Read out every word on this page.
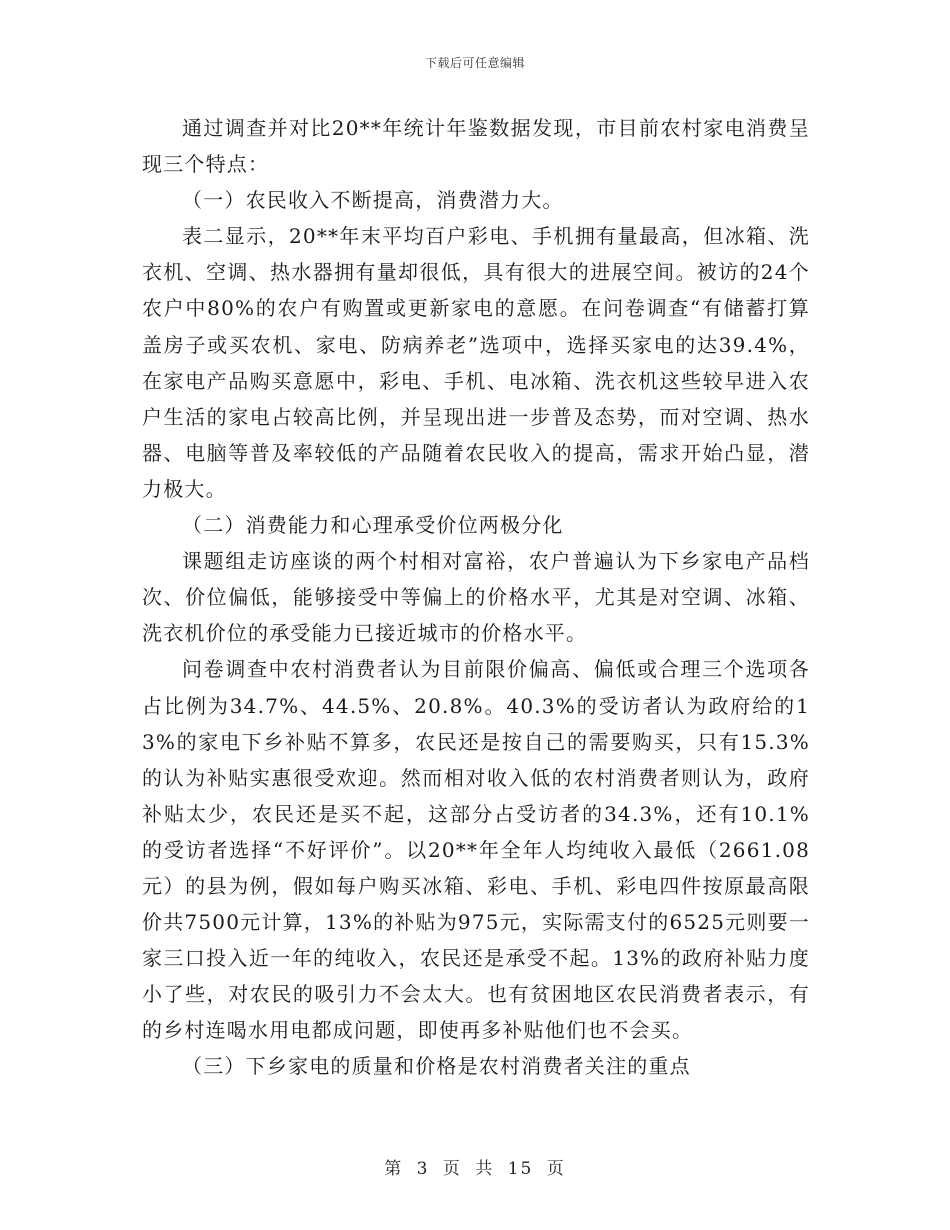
下载后可任意编辑

通过调查并对比20**年统计年鉴数据发现，市目前农村家电消费呈现三个特点：

（一）农民收入不断提高，消费潜力大。

表二显示，20**年末平均百户彩电、手机拥有量最高，但冰箱、洗衣机、空调、热水器拥有量却很低，具有很大的进展空间。被访的24个农户中80%的农户有购置或更新家电的意愿。在问卷调查“有储蓄打算盖房子或买农机、家电、防病养老”选项中，选择买家电的达39.4%，在家电产品购买意愿中，彩电、手机、电冰箱、洗衣机这些较早进入农户生活的家电占较高比例，并呈现出进一步普及态势，而对空调、热水器、电脑等普及率较低的产品随着农民收入的提高，需求开始凸显，潜力极大。

（二）消费能力和心理承受价位两极分化

课题组走访座谈的两个村相对富裕，农户普遍认为下乡家电产品档次、价位偏低，能够接受中等偏上的价格水平，尤其是对空调、冰箱、洗衣机价位的承受能力已接近城市的价格水平。

问卷调查中农村消费者认为目前限价偏高、偏低或合理三个选项各占比例为34.7%、44.5%、20.8%。40.3%的受访者认为政府给的13%的家电下乡补贴不算多，农民还是按自己的需要购买，只有15.3%的认为补贴实惠很受欢迎。然而相对收入低的农村消费者则认为，政府补贴太少，农民还是买不起，这部分占受访者的34.3%，还有10.1%的受访者选择“不好评价”。以20**年全年人均纯收入最低（2661.08元）的县为例，假如每户购买冰箱、彩电、手机、彩电四件按原最高限价共7500元计算，13%的补贴为975元，实际需支付的6525元则要一家三口投入近一年的纯收入，农民还是承受不起。13%的政府补贴力度小了些，对农民的吸引力不会太大。也有贫困地区农民消费者表示，有的乡村连喝水用电都成问题，即使再多补贴他们也不会买。

（三）下乡家电的质量和价格是农村消费者关注的重点

第 3 页 共 15 页
